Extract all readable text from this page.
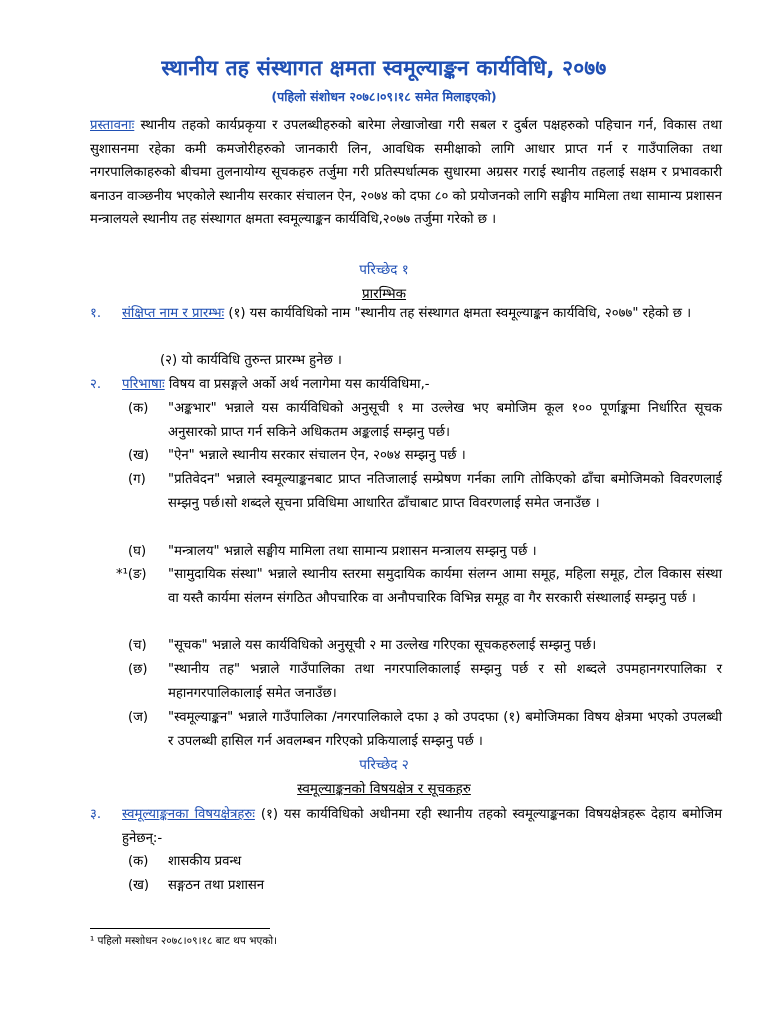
स्थानीय तह संस्थागत क्षमता स्वमूल्याङ्कन कार्यविधि, २०७७
(पहिलो संशोधन २०७८।०९।१८ समेत मिलाइएको)
प्रस्तावनाः स्थानीय तहको कार्यप्रकृया र उपलब्धीहरुको बारेमा लेखाजोखा गरी सबल र दुर्बल पक्षहरुको पहिचान गर्न, विकास तथा सुशासनमा रहेका कमी कमजोरीहरुको जानकारी लिन, आवधिक समीक्षाको लागि आधार प्राप्त गर्न र गाउँपालिका तथा नगरपालिकाहरुको बीचमा तुलनायोग्य सूचकहरु तर्जुमा गरी प्रतिस्पर्धात्मक सुधारमा अग्रसर गराई स्थानीय तहलाई सक्षम र प्रभावकारी बनाउन वाञ्छनीय भएकोले स्थानीय सरकार संचालन ऐन, २०७४ को दफा ८० को प्रयोजनको लागि सङ्घीय मामिला तथा सामान्य प्रशासन मन्त्रालयले स्थानीय तह संस्थागत क्षमता स्वमूल्याङ्कन कार्यविधि,२०७७ तर्जुमा गरेको छ ।
परिच्छेद १
प्रारम्भिक
१. संक्षिप्त नाम र प्रारम्भः (१) यस कार्यविधिको नाम "स्थानीय तह संस्थागत क्षमता स्वमूल्याङ्कन कार्यविधि, २०७७" रहेको छ ।
(२) यो कार्यविधि तुरुन्त प्रारम्भ हुनेछ ।
२. परिभाषाः विषय वा प्रसङ्गले अर्को अर्थ नलागेमा यस कार्यविधिमा,-
(क) "अङ्कभार" भन्नाले यस कार्यविधिको अनुसूची १ मा उल्लेख भए बमोजिम कूल १०० पूर्णाङ्कमा निर्धारित सूचक अनुसारको प्राप्त गर्न सकिने अधिकतम अङ्कलाई सम्झनु पर्छ।
(ख) "ऐन" भन्नाले स्थानीय सरकार संचालन ऐन, २०७४ सम्झनु पर्छ ।
(ग) "प्रतिवेदन" भन्नाले स्वमूल्याङ्कनबाट प्राप्त नतिजालाई सम्प्रेषण गर्नका लागि तोकिएको ढाँचा बमोजिमको विवरणलाई सम्झनु पर्छ।सो शब्दले सूचना प्रविधिमा आधारित ढाँचाबाट प्राप्त विवरणलाई समेत जनाउँछ ।
(घ) "मन्त्रालय" भन्नाले सङ्घीय मामिला तथा सामान्य प्रशासन मन्त्रालय सम्झनु पर्छ ।
*¹(ङ) "सामुदायिक संस्था" भन्नाले स्थानीय स्तरमा समुदायिक कार्यमा संलग्न आमा समूह, महिला समूह, टोल विकास संस्था वा यस्तै कार्यमा संलग्न संगठित औपचारिक वा अनौपचारिक विभिन्न समूह वा गैर सरकारी संस्थालाई सम्झनु पर्छ ।
(च) "सूचक" भन्नाले यस कार्यविधिको अनुसूची २ मा उल्लेख गरिएका सूचकहरुलाई सम्झनु पर्छ।
(छ) "स्थानीय तह" भन्नाले गाउँपालिका तथा नगरपालिकालाई सम्झनु पर्छ र सो शब्दले उपमहानगरपालिका र महानगरपालिकालाई समेत जनाउँछ।
(ज) "स्वमूल्याङ्कन" भन्नाले गाउँपालिका /नगरपालिकाले दफा ३ को उपदफा (१) बमोजिमका विषय क्षेत्रमा भएको उपलब्धी र उपलब्धी हासिल गर्न अवलम्बन गरिएको प्रकियालाई सम्झनु पर्छ ।
परिच्छेद २
स्वमूल्याङ्कनको विषयक्षेत्र र सूचकहरु
३. स्वमूल्याङ्कनका विषयक्षेत्रहरुः (१) यस कार्यविधिको अधीनमा रही स्थानीय तहको स्वमूल्याङ्कनका विषयक्षेत्रहरू देहाय बमोजिम हुनेछन्:-
(क) शासकीय प्रवन्ध
(ख) सङ्गठन तथा प्रशासन
¹ पहिलो मस्शोधन २०७८।०९।१८ बाट थप भएको।
